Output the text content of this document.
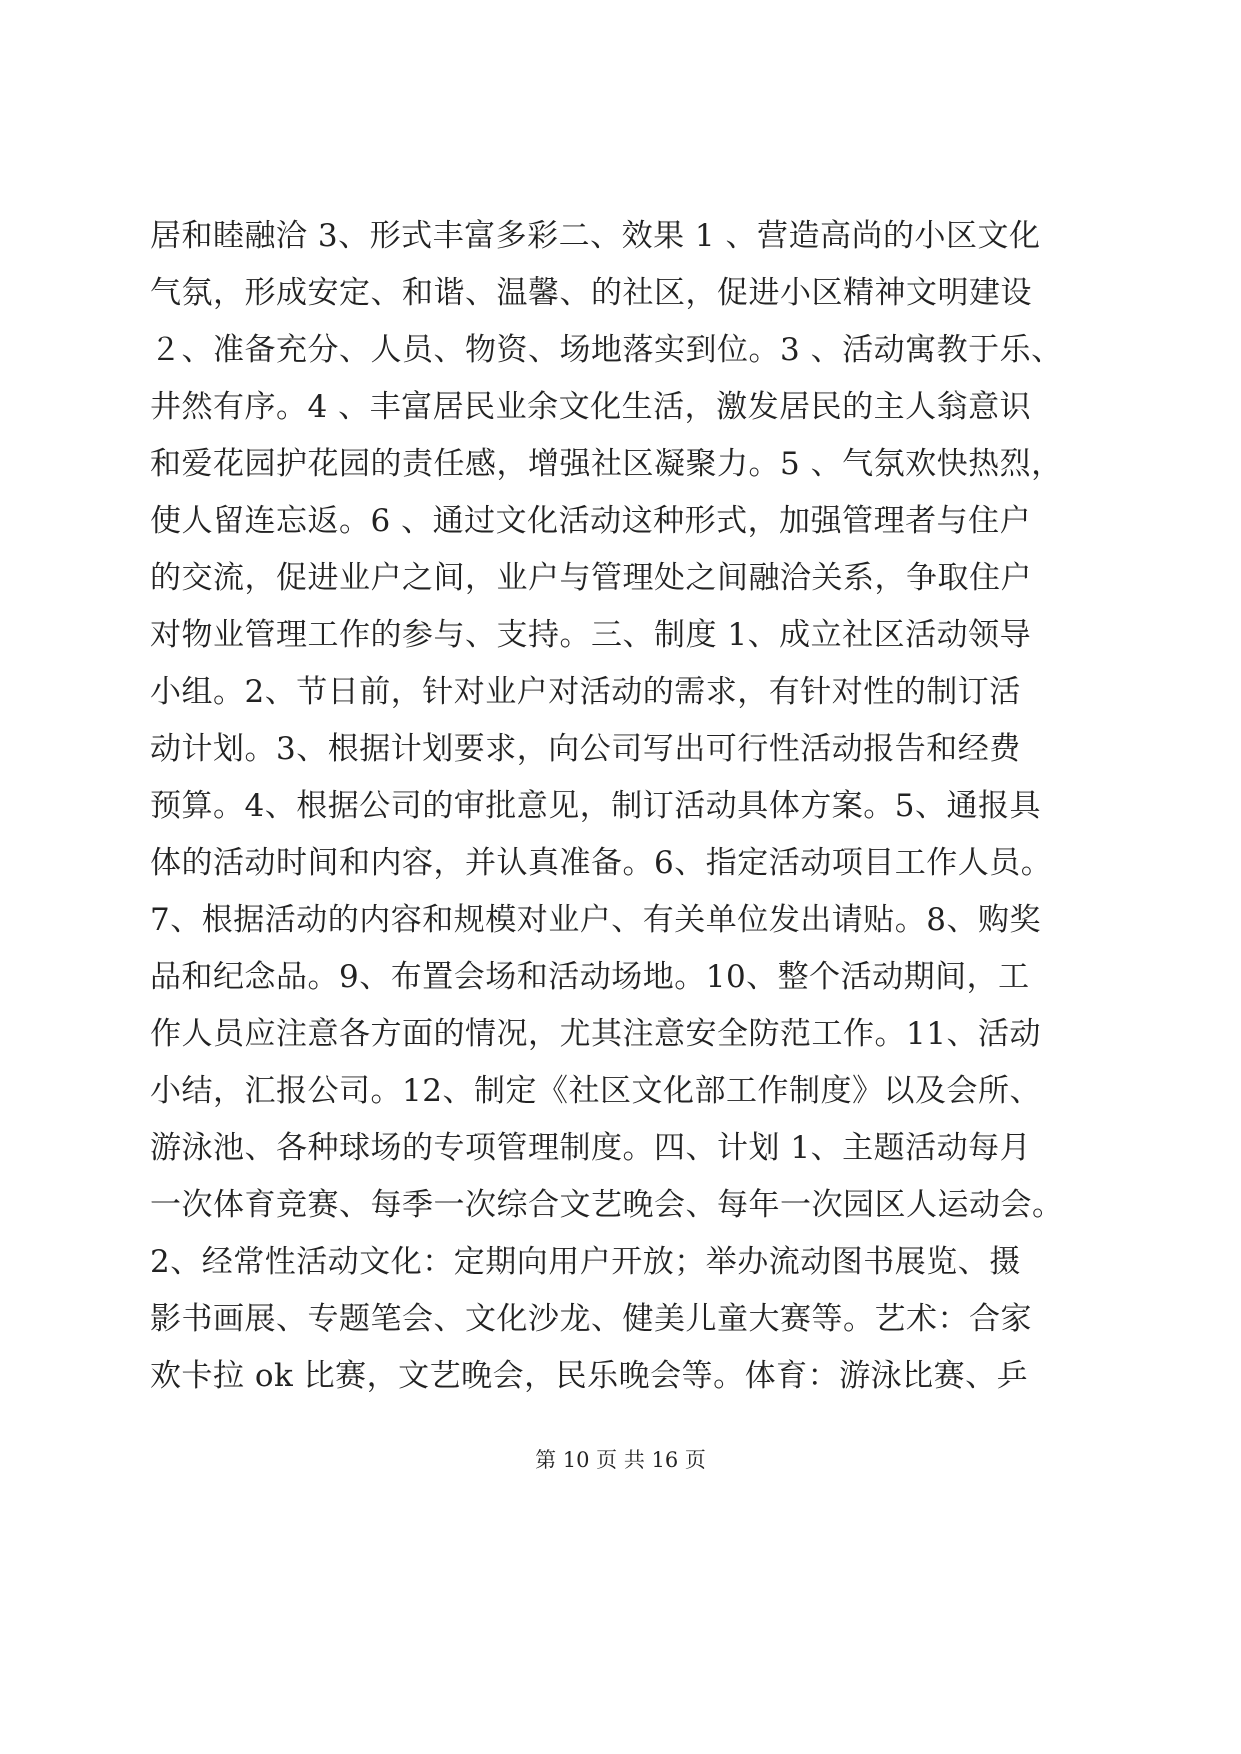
居和睦融洽 3、形式丰富多彩二、效果 1 、营造高尚的小区文化
气氛，形成安定、和谐、温馨、的社区，促进小区精神文明建设
２、准备充分、人员、物资、场地落实到位。3 、活动寓教于乐、
井然有序。4 、丰富居民业余文化生活，激发居民的主人翁意识
和爱花园护花园的责任感，增强社区凝聚力。5 、气氛欢快热烈，
使人留连忘返。6 、通过文化活动这种形式，加强管理者与住户
的交流，促进业户之间，业户与管理处之间融洽关系，争取住户
对物业管理工作的参与、支持。三、制度 1、成立社区活动领导
小组。2、节日前，针对业户对活动的需求，有针对性的制订活
动计划。3、根据计划要求，向公司写出可行性活动报告和经费
预算。4、根据公司的审批意见，制订活动具体方案。5、通报具
体的活动时间和内容，并认真准备。6、指定活动项目工作人员。
7、根据活动的内容和规模对业户、有关单位发出请贴。8、购奖
品和纪念品。9、布置会场和活动场地。10、整个活动期间，工
作人员应注意各方面的情况，尤其注意安全防范工作。11、活动
小结，汇报公司。12、制定《社区文化部工作制度》以及会所、
游泳池、各种球场的专项管理制度。四、计划 1、主题活动每月
一次体育竞赛、每季一次综合文艺晚会、每年一次园区人运动会。
2、经常性活动文化：定期向用户开放；举办流动图书展览、摄
影书画展、专题笔会、文化沙龙、健美儿童大赛等。艺术：合家
欢卡拉 ok 比赛，文艺晚会，民乐晚会等。体育：游泳比赛、乒
第 10 页 共 16 页
